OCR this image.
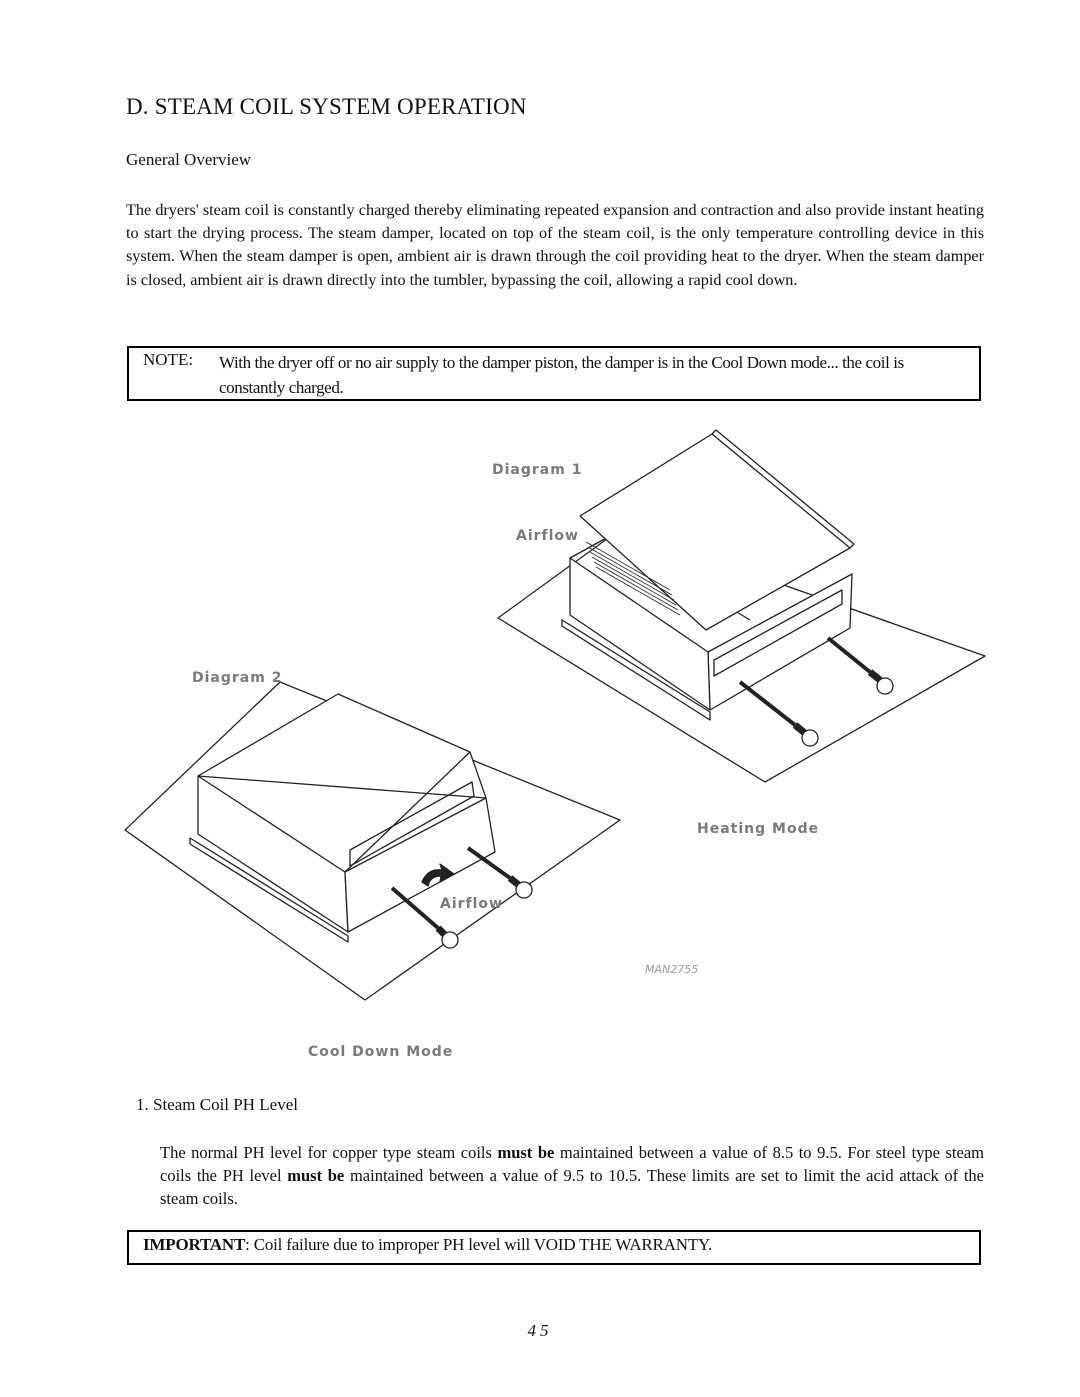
D. STEAM COIL SYSTEM OPERATION
General Overview
The dryers' steam coil is constantly charged thereby eliminating repeated expansion and contraction and also provide instant heating to start the drying process. The steam damper, located on top of the steam coil, is the only temperature controlling device in this system. When the steam damper is open, ambient air is drawn through the coil providing heat to the dryer. When the steam damper is closed, ambient air is drawn directly into the tumbler, bypassing the coil, allowing a rapid cool down.
NOTE: With the dryer off or no air supply to the damper piston, the damper is in the Cool Down mode... the coil is constantly charged.
Diagram 1
Airflow
Diagram 2
Heating Mode
Airflow
MAN2755
Cool Down Mode
1. Steam Coil PH Level
The normal PH level for copper type steam coils must be maintained between a value of 8.5 to 9.5. For steel type steam coils the PH level must be maintained between a value of 9.5 to 10.5. These limits are set to limit the acid attack of the steam coils.
IMPORTANT: Coil failure due to improper PH level will VOID THE WARRANTY.
45
